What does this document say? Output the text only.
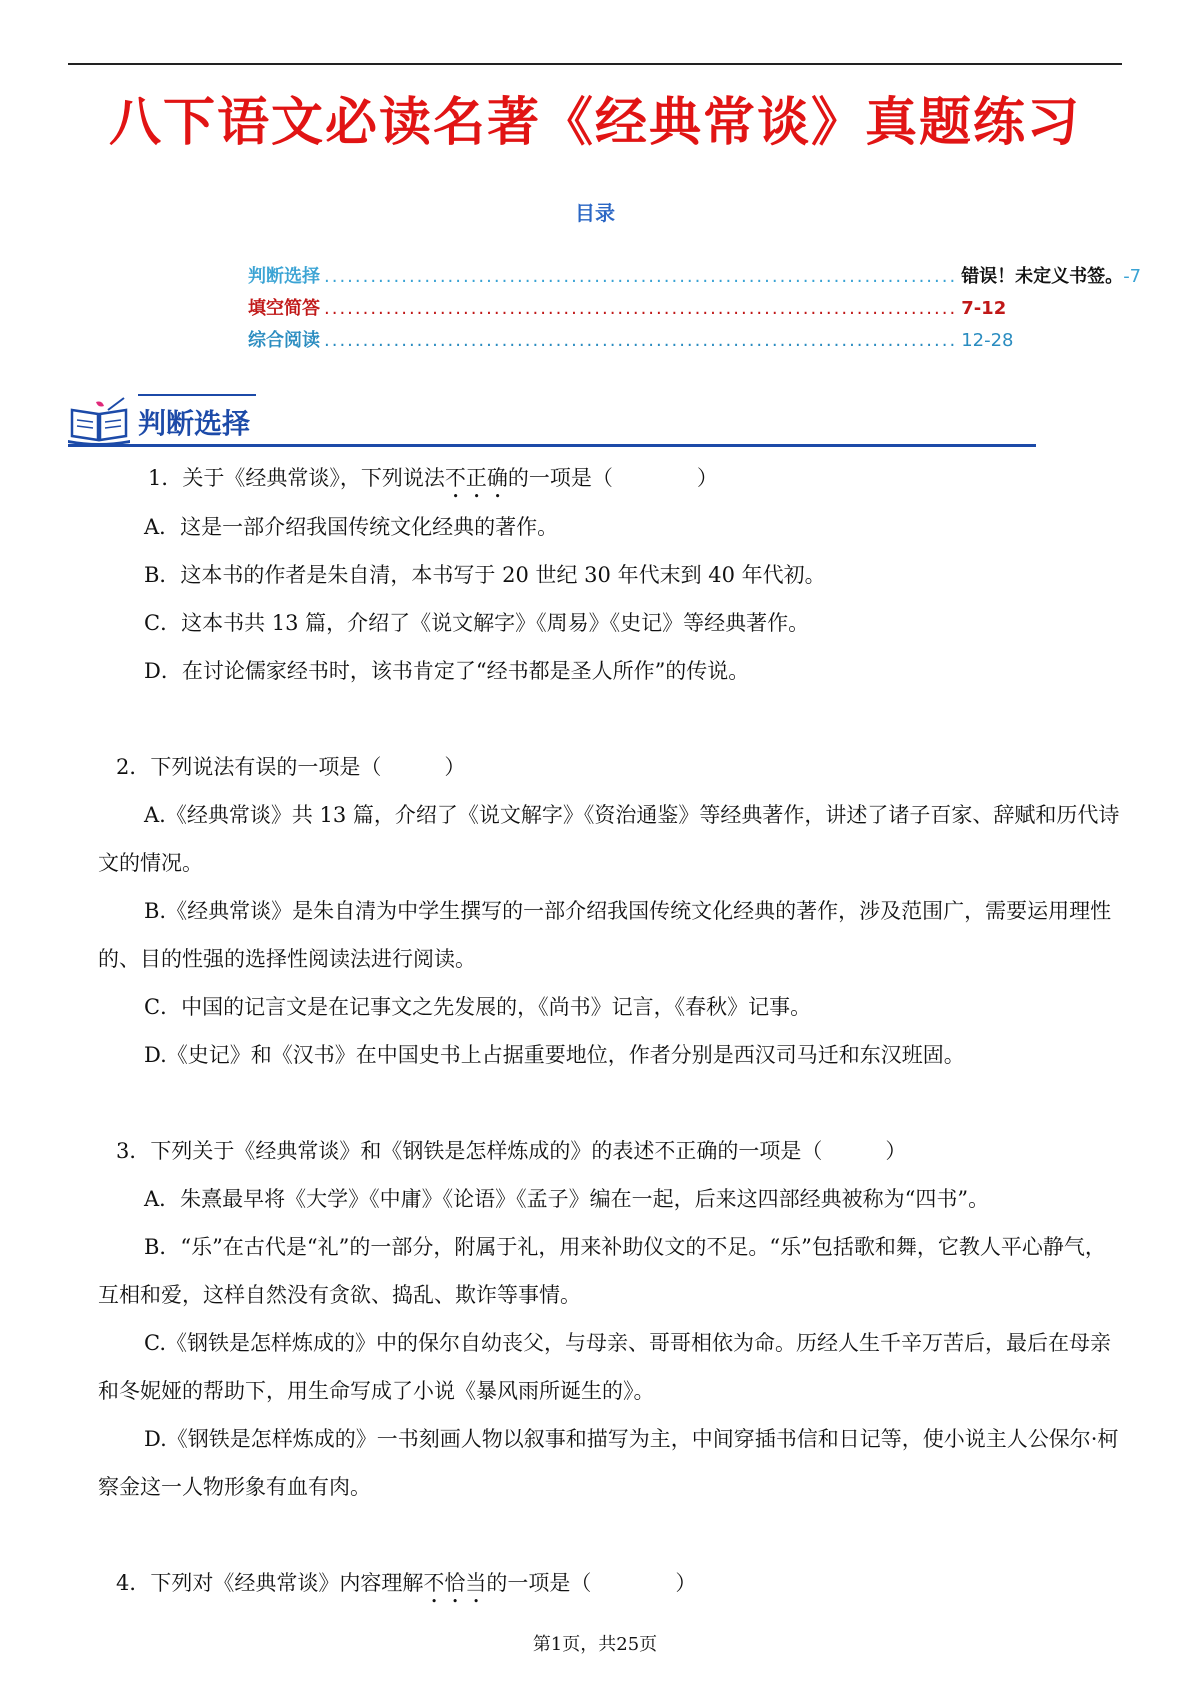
八下语文必读名著《经典常谈》真题练习
目录
判断选择 .................................................................................. 错误！未定义书签。-7
填空简答 .................................................................................. 7-12
综合阅读 .................................................................................. 12-28
判断选择

1．关于《经典常谈》，下列说法不正确的一项是（　　　　）

A．这是一部介绍我国传统文化经典的著作。

B．这本书的作者是朱自清，本书写于 20 世纪 30 年代末到 40 年代初。

C．这本书共 13 篇，介绍了《说文解字》《周易》《史记》等经典著作。

D．在讨论儒家经书时，该书肯定了“经书都是圣人所作”的传说。

2．下列说法有误的一项是（　　　）

A.《经典常谈》共 13 篇，介绍了《说文解字》《资治通鉴》等经典著作，讲述了诸子百家、辞赋和历代诗文的情况。

B.《经典常谈》是朱自清为中学生撰写的一部介绍我国传统文化经典的著作，涉及范围广，需要运用理性的、目的性强的选择性阅读法进行阅读。

C．中国的记言文是在记事文之先发展的，《尚书》记言，《春秋》记事。

D.《史记》和《汉书》在中国史书上占据重要地位，作者分别是西汉司马迁和东汉班固。

3．下列关于《经典常谈》和《钢铁是怎样炼成的》的表述不正确的一项是（　　　）

A．朱熹最早将《大学》《中庸》《论语》《孟子》编在一起，后来这四部经典被称为“四书”。

B．“乐”在古代是“礼”的一部分，附属于礼，用来补助仪文的不足。“乐”包括歌和舞，它教人平心静气，互相和爱，这样自然没有贪欲、捣乱、欺诈等事情。

C.《钢铁是怎样炼成的》中的保尔自幼丧父，与母亲、哥哥相依为命。历经人生千辛万苦后，最后在母亲和冬妮娅的帮助下，用生命写成了小说《暴风雨所诞生的》。

D.《钢铁是怎样炼成的》一书刻画人物以叙事和描写为主，中间穿插书信和日记等，使小说主人公保尔·柯察金这一人物形象有血有肉。

4．下列对《经典常谈》内容理解不恰当的一项是（　　　　）

第1页，共25页
